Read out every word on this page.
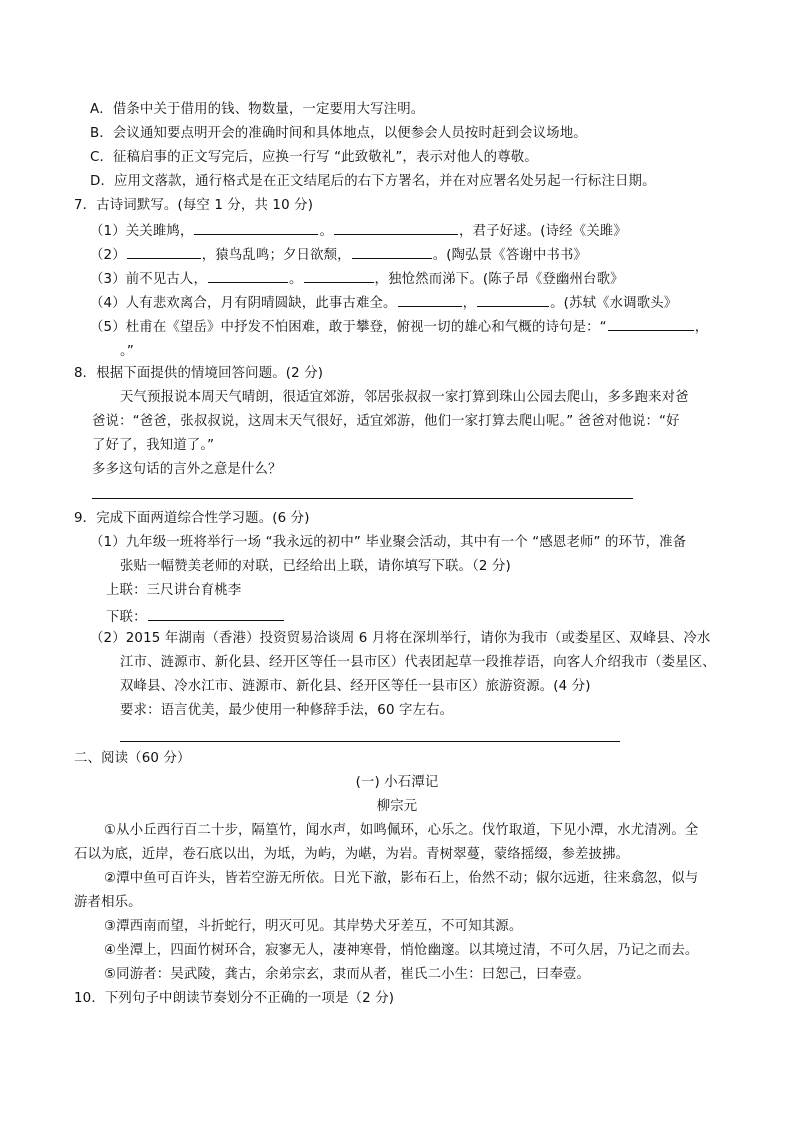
A．借条中关于借用的钱、物数量，一定要用大写注明。
B．会议通知要点明开会的准确时间和具体地点，以便参会人员按时赶到会议场地。
C．征稿启事的正文写完后，应换一行写 “此致敬礼”，表示对他人的尊敬。
D．应用文落款，通行格式是在正文结尾后的右下方署名，并在对应署名处另起一行标注日期。
7．古诗词默写。(每空 1 分，共 10 分)
（1）关关雎鸠，	。	，君子好逑。(诗经《关雎》
（2）	，猿鸟乱鸣；夕日欲颓，	。(陶弘景《答谢中书书》
（3）前不见古人，	。	，独怆然而涕下。(陈子昂《登幽州台歌》
（4）人有悲欢离合，月有阴晴圆缺，此事古难全。	，	。(苏轼《水调歌头》
（5）杜甫在《望岳》中抒发不怕困难，敢于攀登，俯视一切的雄心和气概的诗句是：“	，
。”
8．根据下面提供的情境回答问题。(2 分)
天气预报说本周天气晴朗，很适宜郊游，邻居张叔叔一家打算到珠山公园去爬山，多多跑来对爸
爸说：“爸爸，张叔叔说，这周末天气很好，适宜郊游，他们一家打算去爬山呢。” 爸爸对他说：“好
了好了，我知道了。”
多多这句话的言外之意是什么？
9．完成下面两道综合性学习题。(6 分)
（1）九年级一班将举行一场 “我永远的初中” 毕业聚会活动，其中有一个 “感恩老师” 的环节，准备
张贴一幅赞美老师的对联，已经给出上联，请你填写下联。（2 分)
上联：三尺讲台育桃李
下联：
（2）2015 年湖南（香港）投资贸易洽谈周 6 月将在深圳举行，请你为我市（或娄星区、双峰县、冷水
江市、涟源市、新化县、经开区等任一县市区）代表团起草一段推荐语，向客人介绍我市（娄星区、
双峰县、冷水江市、涟源市、新化县、经开区等任一县市区）旅游资源。(4 分)
要求：语言优美，最少使用一种修辞手法，60 字左右。
二、阅读（60 分）
(一) 小石潭记
柳宗元
①从小丘西行百二十步，隔篁竹，闻水声，如鸣佩环，心乐之。伐竹取道，下见小潭，水尤清冽。全
石以为底，近岸，卷石底以出，为坻，为屿，为嵁，为岩。青树翠蔓，蒙络摇缀，参差披拂。
②潭中鱼可百许头，皆若空游无所依。日光下澈，影布石上，佁然不动；俶尔远逝，往来翕忽，似与
游者相乐。
③潭西南而望，斗折蛇行，明灭可见。其岸势犬牙差互，不可知其源。
④坐潭上，四面竹树环合，寂寥无人，凄神寒骨，悄怆幽邃。以其境过清，不可久居，乃记之而去。
⑤同游者：吴武陵，龚古，余弟宗玄，隶而从者，崔氏二小生：曰恕己，曰奉壹。
10．下列句子中朗读节奏划分不正确的一项是（2 分)
